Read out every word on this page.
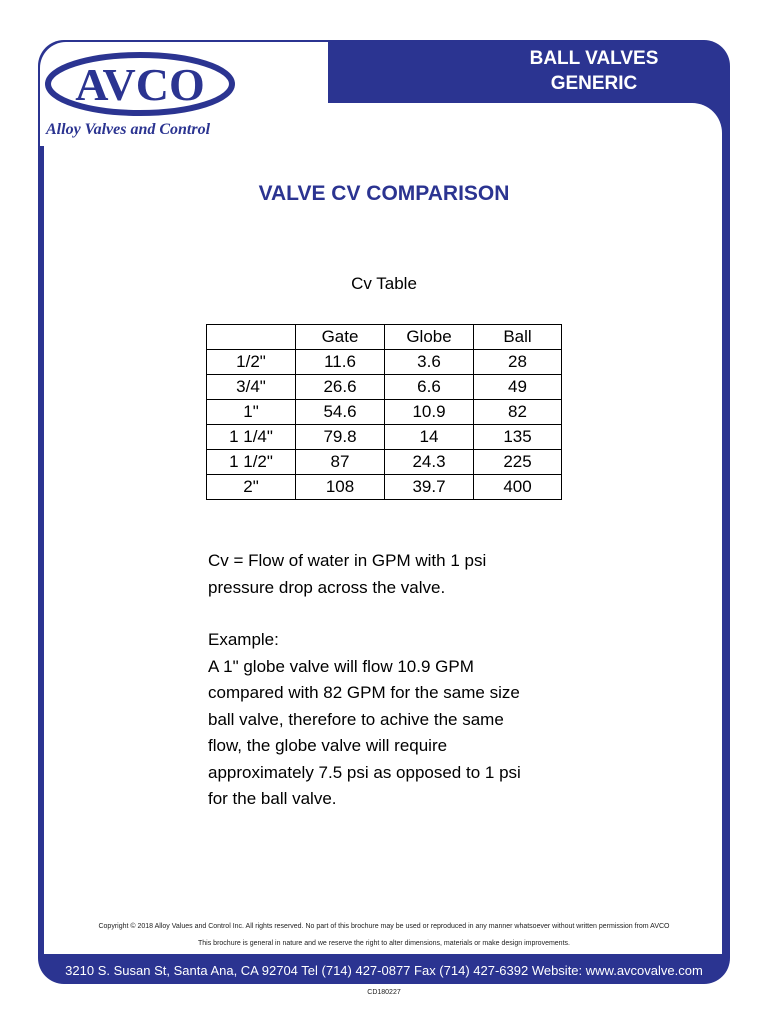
AVCO
Alloy Valves and Control
BALL VALVES
GENERIC
VALVE CV COMPARISON
Cv Table
	Gate	Globe	Ball
1/2"	11.6	3.6	28
3/4"	26.6	6.6	49
1"	54.6	10.9	82
1 1/4"	79.8	14	135
1 1/2"	87	24.3	225
2"	108	39.7	400

Cv = Flow of water in GPM with 1 psi

pressure drop across the valve.

Example:

A 1" globe valve will flow 10.9 GPM

compared with 82 GPM for the same size

ball valve, therefore to achive the same

flow, the globe valve will require

approximately 7.5 psi as opposed to 1 psi

for the ball valve.

Copyright © 2018 Alloy Values and Control Inc. All rights reserved. No part of this brochure may be used or reproduced in any manner whatsoever without written permission from AVCO
This brochure is general in nature and we reserve the right to alter dimensions, materials or make design improvements.
3210 S. Susan St, Santa Ana, CA 92704 Tel (714) 427-0877 Fax (714) 427-6392 Website: www.avcovalve.com
CD180227
